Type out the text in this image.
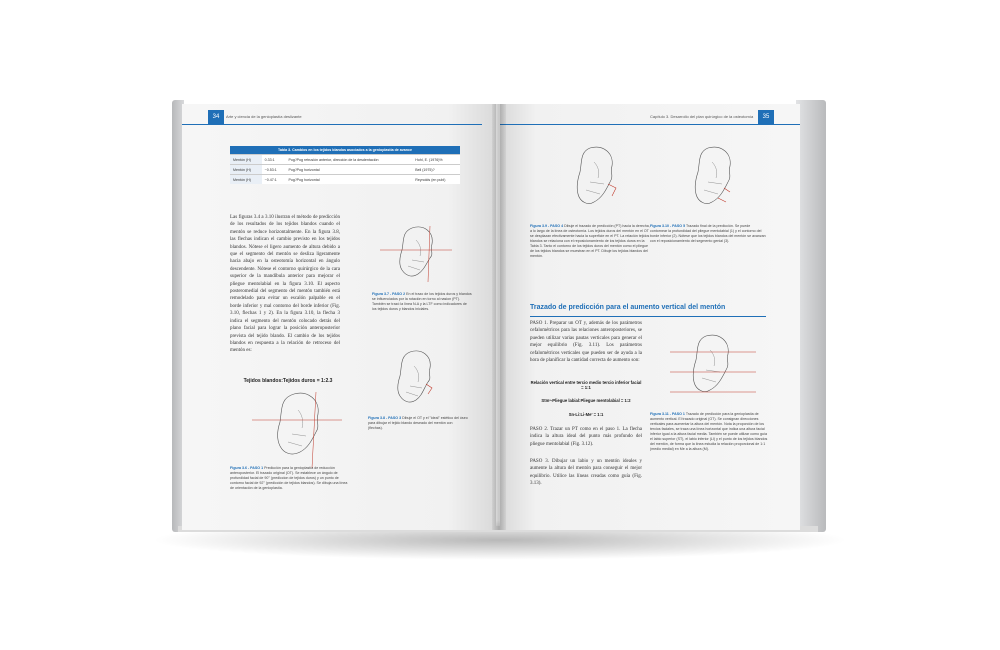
Arte y ciencia de la genioplastía deslizante
34
Tabla 3. Cambios en los tejidos blandos asociados a la genioplastía de avance			
Mentón (H)	0.33:1	Pog'/Pog retrusión anterior, dirección de la desdentación	Hohl, E. (1976)%
Mentón (H)	~0.53:1	Pog'/Pog horizontal	Bell (1975)?
Mentón (H)	~0.47:1	Pog'/Pog horizontal	Reynolds (en publ)
Las figuras 3.4 a 3.10 ilustran el método de predicción de los resultados de los tejidos blandos cuando el mentón se reduce horizontalmente. En la figura 3.8, las flechas indican el cambio previsto en los tejidos blandos. Nótese el ligero aumento de altura debido a que el segmento del mentón se desliza ligeramente hacia abajo en la osteotomía horizontal en ángulo descendente. Nótese el contorno quirúrgico de la cara superior de la mandíbula anterior para mejorar el pliegue mentolabial en la figura 3.10. El aspecto posteromedial del segmento del mentón también está remodelado para evitar un escalón palpable en el borde inferior y mal contorno del borde inferior (Fig. 3.10, flechas 1 y 2). En la figura 3.10, la flecha 3 indica el segmento del mentón colocado detrás del plano facial para lograr la posición anteroposterior prevista del tejido blando. El cambio de los tejidos blandos en respuesta a la relación de retroceso del mentón es:
Tejidos blandos:Tejidos duros = 1:2.3
Figura 3.7 - PASO 2 En el trazo de los tejidos duros y blandos se influenciados por la rotación en torno al nasion (PT). También se trazó la línea N-A y la LTF como indicadores de los tejidos duros y blandos iniciales.
Figura 3.8 - PASO 3 Dibuje el OT y el "ideal" estético del óseo para dibujar el tejido blando deseado del mentón con (flechas).
Figura 3.6 - PASO 1 Predicción para la genioplastía de reducción anteroposterior. El trazado original (OT). Se establece un ángulo de profundidad facial de 90° (prediccion de tejidos duros) y un punto de contorno facial de 92° (predicción de tejidos blandos). Se dibuja una línea de orientación de la genioplastía.
Capítulo 3. Desarrollo del plan quirúrgico de la osteotomía	35
Figura 3.9 - PASO 4 Dibuje el trazado de predicción (PT) hacia la derecha, a lo largo de la línea de osteotomía. Los tejidos duros del mentón en el OT se desplazan efectivamente hacia la superficie en el PT. La relación tejidos blandos se relaciona con el reposicionamiento de los tejidos duros en la Tabla 3. Tanto el contorno de los tejidos duros del mentón como el pliegue de los tejidos blandos se muestran en el PT. Dibuje los tejidos blandos del mentón.
Figura 3.10 - PASO 5 Trazado final de la predicción. Se puede contornear la profundidad del pliegue mentolabial (1) y el contorno del borde inferior (2). Nótese que los tejidos blandos del mentón se avanzan con el reposicionamiento del segmento genial (3).
Trazado de predicción para el aumento vertical del mentón
PASO 1. Preparar un OT y, además de los parámetros cefalométricos para las relaciones anteroposteriores, se pueden utilizar varias pautas verticales para generar el mejor equilibrio (Fig. 3.11). Los parámetros cefalométricos verticales que pueden ser de ayuda a la hora de planificar la cantidad correcta de aumento son:
Relación vertical entre tercio medio tercio inferior facial = 1:1
Stmˢ-Pliegue labial:Pliegue mentolabial = 1:2
Sn-Li:Li-Me' = 1:1
PASO 2. Trazar un PT como en el paso 1. La flecha indica la altura ideal del punto más profundo del pliegue mentolabial (Fig. 3.12).
PASO 3. Dibujar un labio y un mentón ideales y aumente la altura del mentón para conseguir el mejor equilibrio. Utilice las líneas creadas como guía (Fig. 3.13).
Figura 3.11 - PASO 1 Trazado de predicción para la genioplastía de aumento vertical. El trazado original (OT). Se consignan direcciones verticales para aumentar la altura del mentón. Nota la proporción de los tercios faciales, se traza una línea horizontal que indica una altura facial inferior igual a la altura facial media. También se puede utilizar como guía el labio superior (ST), el labio inferior (LI) y el punto de los tejidos blandos del mentón, de forma que la línea estudia la relación proporcional de 1:1 (medio medial) en Me a la altura (M).
